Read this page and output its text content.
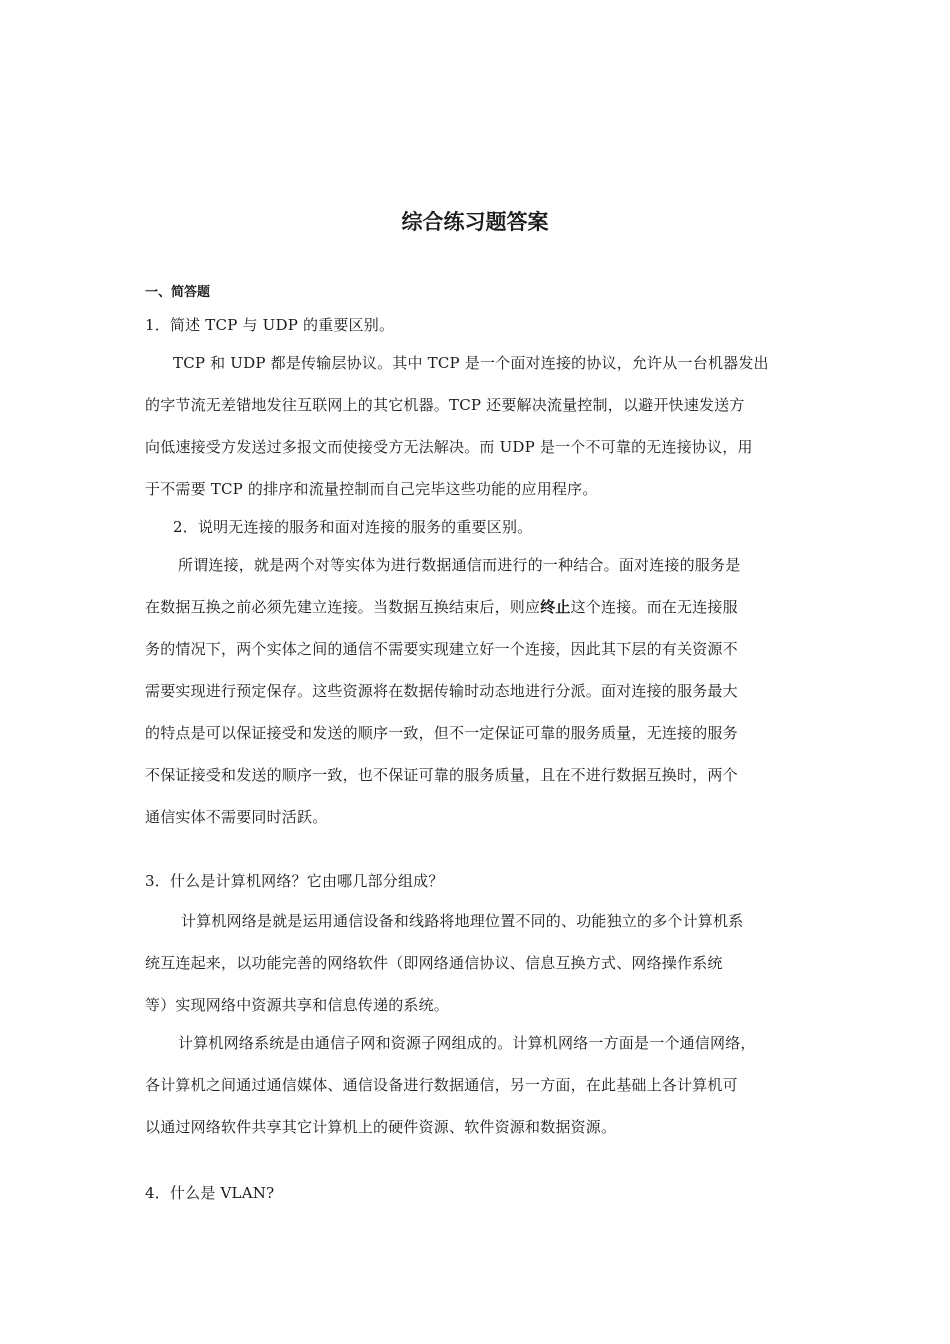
综合练习题答案
一、简答题
1．简述 TCP 与 UDP 的重要区别。
TCP 和 UDP 都是传输层协议。其中 TCP 是一个面对连接的协议，允许从一台机器发出
的字节流无差错地发往互联网上的其它机器。TCP 还要解决流量控制，以避开快速发送方
向低速接受方发送过多报文而使接受方无法解决。而 UDP 是一个不可靠的无连接协议，用
于不需要 TCP 的排序和流量控制而自己完毕这些功能的应用程序。
2．说明无连接的服务和面对连接的服务的重要区别。
所谓连接，就是两个对等实体为进行数据通信而进行的一种结合。面对连接的服务是
在数据互换之前必须先建立连接。当数据互换结束后，则应终止这个连接。而在无连接服
务的情况下，两个实体之间的通信不需要实现建立好一个连接，因此其下层的有关资源不
需要实现进行预定保存。这些资源将在数据传输时动态地进行分派。面对连接的服务最大
的特点是可以保证接受和发送的顺序一致，但不一定保证可靠的服务质量，无连接的服务
不保证接受和发送的顺序一致，也不保证可靠的服务质量，且在不进行数据互换时，两个
通信实体不需要同时活跃。
3．什么是计算机网络？它由哪几部分组成？
计算机网络是就是运用通信设备和线路将地理位置不同的、功能独立的多个计算机系
统互连起来，以功能完善的网络软件（即网络通信协议、信息互换方式、网络操作系统
等）实现网络中资源共享和信息传递的系统。
计算机网络系统是由通信子网和资源子网组成的。计算机网络一方面是一个通信网络，
各计算机之间通过通信媒体、通信设备进行数据通信，另一方面，在此基础上各计算机可
以通过网络软件共享其它计算机上的硬件资源、软件资源和数据资源。
4．什么是 VLAN?
